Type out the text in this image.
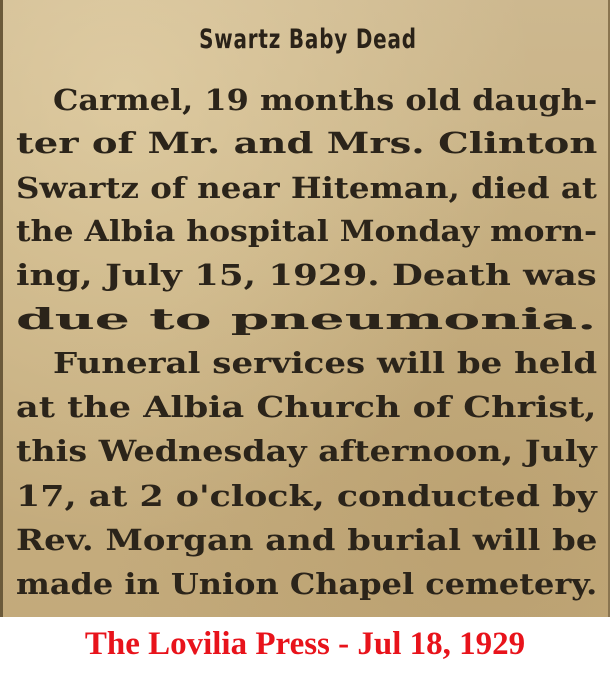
Swartz Baby Dead
Carmel, 19 months old daugh-
ter of Mr. and Mrs. Clinton
Swartz of near Hiteman, died at
the Albia hospital Monday morn-
ing, July 15, 1929. Death was
due to pneumonia.
Funeral services will be held
at the Albia Church of Christ,
this Wednesday afternoon, July
17, at 2 o'clock, conducted by
Rev. Morgan and burial will be
made in Union Chapel cemetery.
The Lovilia Press - Jul 18, 1929
